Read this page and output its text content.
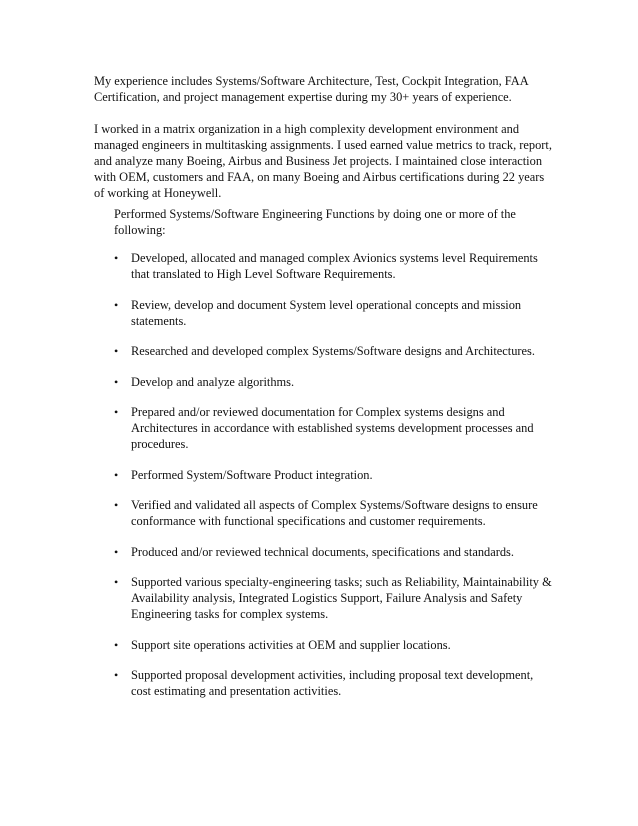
My experience includes Systems/Software Architecture, Test, Cockpit Integration, FAA Certification, and project management expertise during my 30+ years of experience.

I worked in a matrix organization in a high complexity development environment and managed engineers in multitasking assignments. I used earned value metrics to track, report, and analyze many Boeing, Airbus and Business Jet projects. I maintained close interaction with OEM, customers and FAA, on many Boeing and Airbus certifications during 22 years of working at Honeywell.

Performed Systems/Software Engineering Functions by doing one or more of the following:

• Developed, allocated and managed complex Avionics systems level Requirements that translated to High Level Software Requirements.
• Review, develop and document System level operational concepts and mission statements.
• Researched and developed complex Systems/Software designs and Architectures.
• Develop and analyze algorithms.
• Prepared and/or reviewed documentation for Complex systems designs and Architectures in accordance with established systems development processes and procedures.
• Performed System/Software Product integration.
• Verified and validated all aspects of Complex Systems/Software designs to ensure conformance with functional specifications and customer requirements.
• Produced and/or reviewed technical documents, specifications and standards.
• Supported various specialty-engineering tasks; such as Reliability, Maintainability & Availability analysis, Integrated Logistics Support, Failure Analysis and Safety Engineering tasks for complex systems.
• Support site operations activities at OEM and supplier locations.
• Supported proposal development activities, including proposal text development, cost estimating and presentation activities.
